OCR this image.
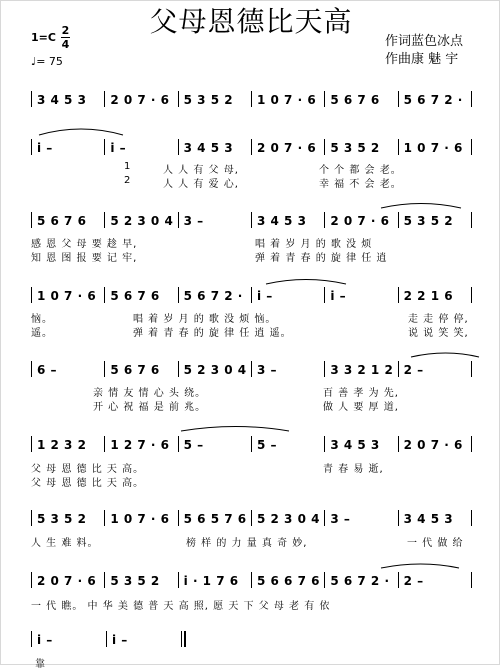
父母恩德比天高
1=C
2
4
♩= 75
作词蓝色冰点
作曲康 魅 宇
3 4 5 3 2 0 7 · 6 5 3 5 2 1 0 7 · 6 5 6 7 6 5 6 7 2 ·
i –	i –	3 4 5 3 2 0 7 · 6 5 3 5 2 1 0 7 · 6
5 6 7 6 5 2 3 0 4 3 –	3 4 5 3 2 0 7 · 6 5 3 5 2
1 0 7 · 6 5 6 7 6 5 6 7 2 · i –	i –	2 2 1 6
6 –	5 6 7 6 5 2 3 0 4 3 –	3 3 2 1 2 2 –
1 2 3 2 1 2 7 · 6 5 –	5 –	3 4 5 3 2 0 7 · 6
5 3 5 2 1 0 7 · 6 5 6 5 7 6 5 2 3 0 4 3 –	3 4 5 3
2 0 7 · 6 5 3 5 2 i · 1 7 6 5 6 6 7 6 5 6 7 2 · 2 –
i –	i –
1	人 人 有 父 母,	个 个 都 会 老。
2	人 人 有 爱 心,	幸 福 不 会 老。
感 恩 父 母 要 趁 早,	唱 着 岁 月 的 歌 没 烦
知 恩 图 报 要 记 牢,	弹 着 青 春 的 旋 律 任 逍
恼。	唱 着 岁 月 的 歌 没 烦 恼。	走 走 停 停,
遥。	弹 着 青 春 的 旋 律 任 逍 遥。	说 说 笑 笑,
亲 情 友 情 心 头 绕。	百 善 孝 为 先,
开 心 祝 福 是 前 兆。	做 人 要 厚 道,
父 母 恩 德 比 天 高。	青 春 易 逝,
父 母 恩 德 比 天 高。
人 生 难 料。	榜 样 的 力 量 真 奇 妙,	一 代 做 给
一 代 瞧。 中 华 美 德 普 天 高 照, 愿 天 下 父 母 老 有 依
靠
